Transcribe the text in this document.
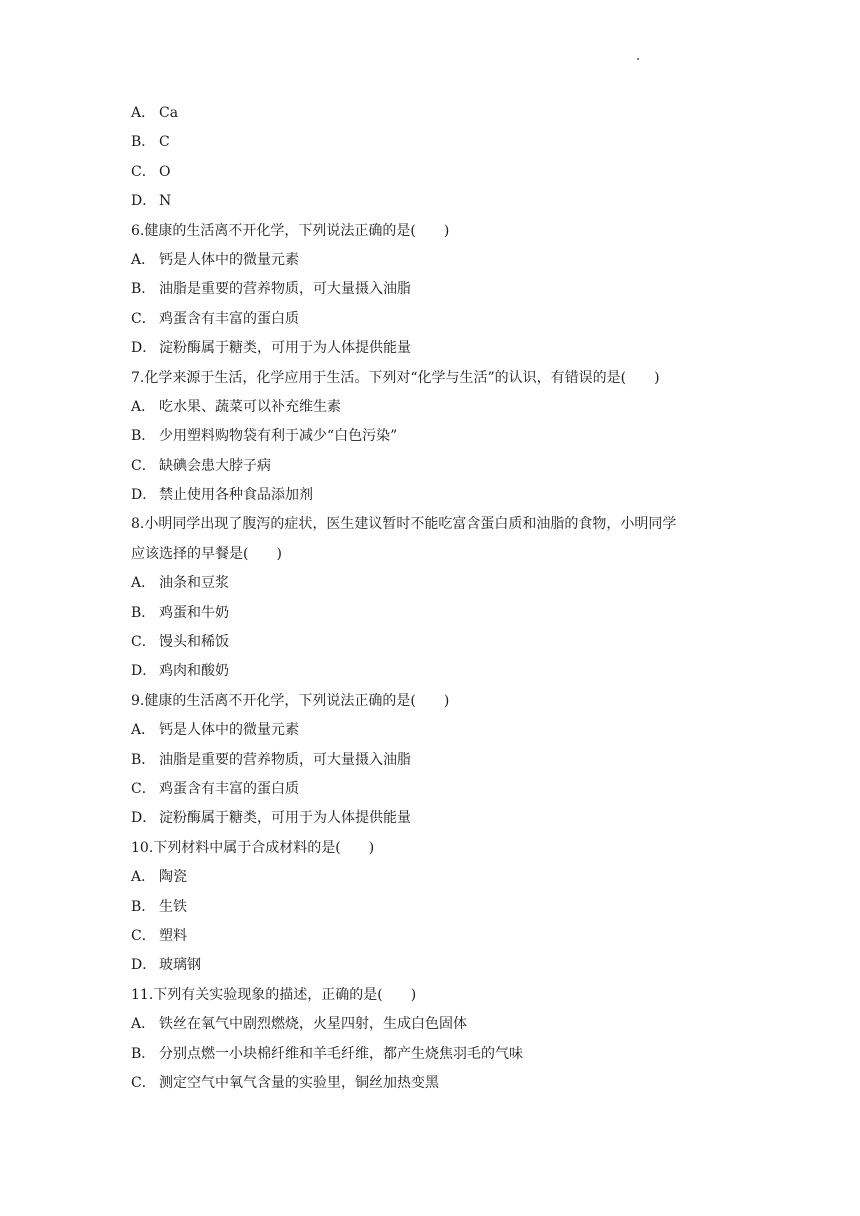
A． Ca
B． C
C． O
D． N
6.健康的生活离不开化学，下列说法正确的是(　　)
A． 钙是人体中的微量元素
B． 油脂是重要的营养物质，可大量摄入油脂
C． 鸡蛋含有丰富的蛋白质
D． 淀粉酶属于糖类，可用于为人体提供能量
7.化学来源于生活，化学应用于生活。下列对“化学与生活”的认识，有错误的是(　　)
A． 吃水果、蔬菜可以补充维生素
B． 少用塑料购物袋有利于减少“白色污染”
C． 缺碘会患大脖子病
D． 禁止使用各种食品添加剂
8.小明同学出现了腹泻的症状，医生建议暂时不能吃富含蛋白质和油脂的食物，小明同学
应该选择的早餐是(　　)
A． 油条和豆浆
B． 鸡蛋和牛奶
C． 馒头和稀饭
D． 鸡肉和酸奶
9.健康的生活离不开化学，下列说法正确的是(　　)
A． 钙是人体中的微量元素
B． 油脂是重要的营养物质，可大量摄入油脂
C． 鸡蛋含有丰富的蛋白质
D． 淀粉酶属于糖类，可用于为人体提供能量
10.下列材料中属于合成材料的是(　　)
A． 陶瓷
B． 生铁
C． 塑料
D． 玻璃钢
11.下列有关实验现象的描述，正确的是(　　)
A． 铁丝在氧气中剧烈燃烧，火星四射，生成白色固体
B． 分别点燃一小块棉纤维和羊毛纤维，都产生烧焦羽毛的气味
C． 测定空气中氧气含量的实验里，铜丝加热变黑
